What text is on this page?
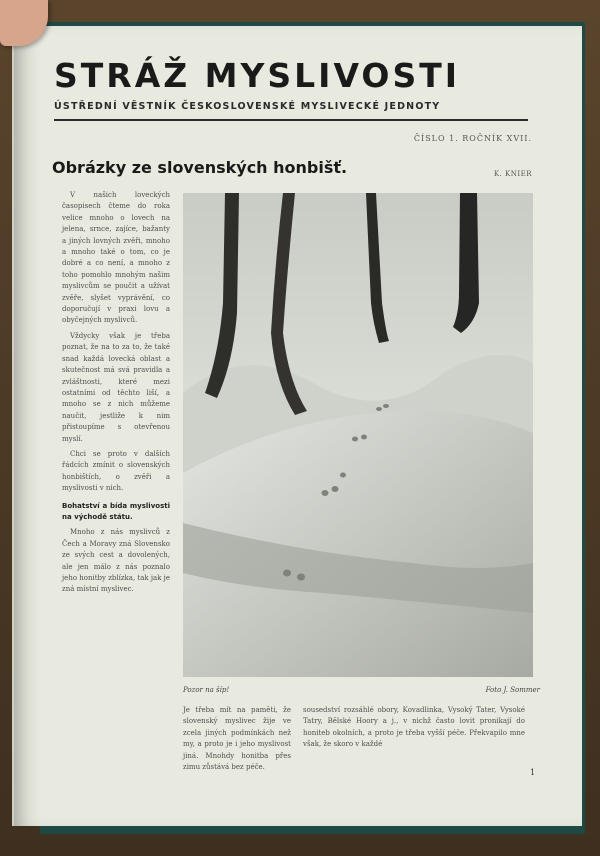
STRÁŽ MYSLIVOSTI
ÚSTŘEDNÍ VĚSTNÍK ČESKOSLOVENSKÉ MYSLIVECKÉ JEDNOTY
ČÍSLO 1. ROČNÍK XVII.
Obrázky ze slovenských honbišť.	K. KNIER

V našich loveckých časopisech čteme do roka velice mnoho o lovech na jelena, srnce, zajíce, bažanty a jiných lovných zvěři, mnoho a mnoho také o tom, co je dobré a co není, a mnoho z toho pomohlo mnohým našim myslivcům se poučit a užívat zvěře, slyšet vyprávění, co doporučují v praxi lovu a obyčejných myslivců.

Vždycky však je třeba poznat, že na to za to, že také snad každá lovecká oblast a skutečnost má svá pravidla a zvláštnosti, které mezi ostatními od těchto liší, a mnoho se z nich můžeme naučit, jestliže k nim přistoupíme s otevřenou myslí.

Chci se proto v dalších řádcích zmínit o slovenských honbištích, o zvěři a myslivosti v nich.

Bohatství a bída myslivosti na východě státu.

Mnoho z nás myslivců z Čech a Moravy zná Slovensko ze svých cest a dovolených, ale jen málo z nás poznalo jeho honitby zblízka, tak jak je zná místní myslivec.

Pozor na šíp!	Foto J. Sommer
Je třeba mít na paměti, že slovenský myslivec žije ve zcela jiných podmínkách než my, a proto je i jeho myslivost jiná. Mnohdy honitba přes zimu zůstává bez péče.
sousedství rozsáhlé obory, Kovadlinka, Vysoký Tater, Vysoké Tatry, Bělské Hoory a j., v nichž často lovit pronikají do honiteb okolních, a proto je třeba vyšší péče. Překvapilo mne však, že skoro v každé
1
